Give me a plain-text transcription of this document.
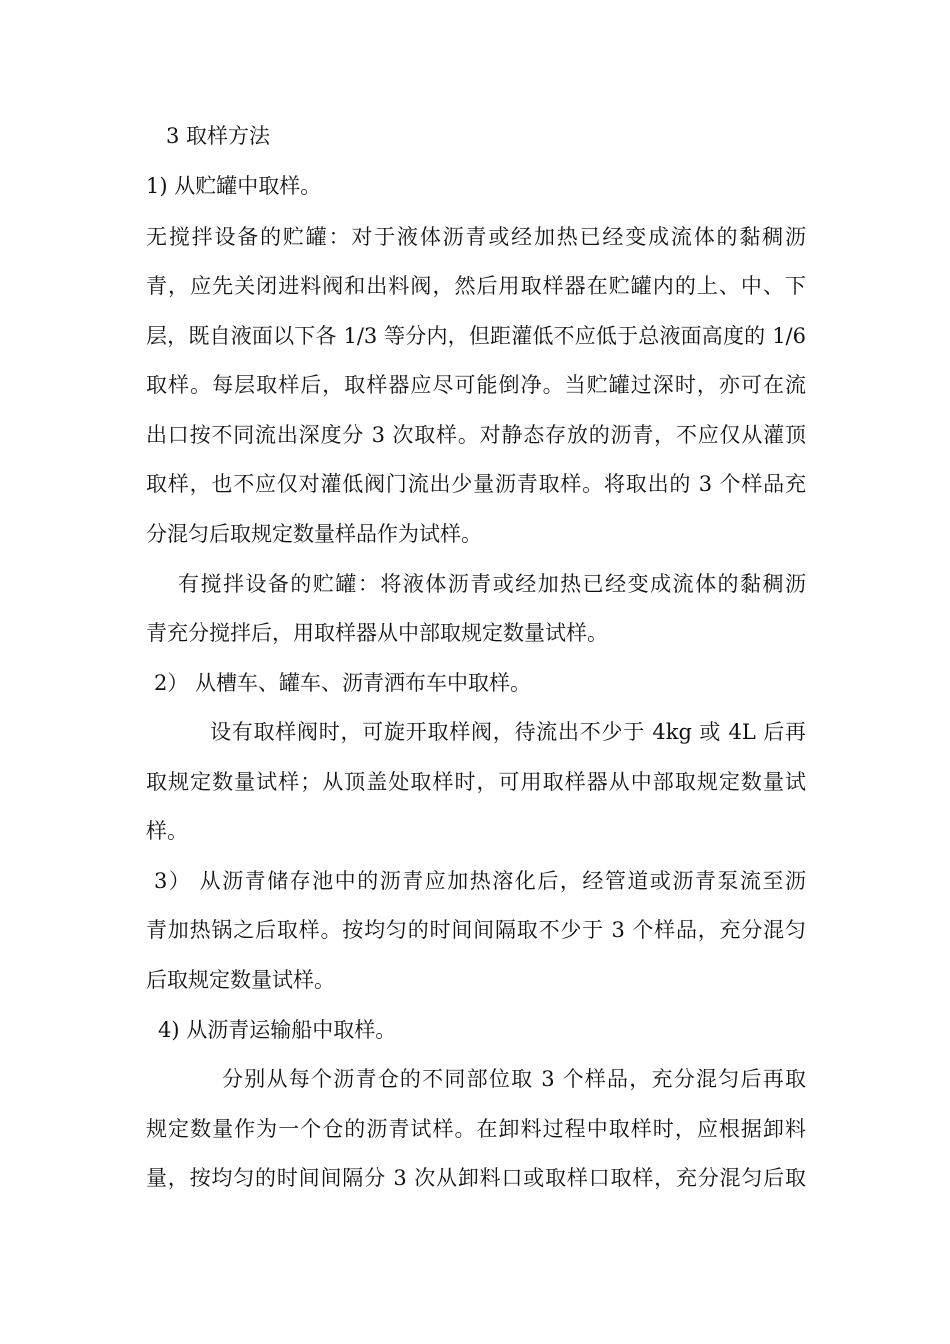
3 取样方法

1) 从贮罐中取样。

无搅拌设备的贮罐：对于液体沥青或经加热已经变成流体的黏稠沥

青，应先关闭进料阀和出料阀，然后用取样器在贮罐内的上、中、下

层，既自液面以下各 1/3 等分内，但距灌低不应低于总液面高度的 1/6

取样。每层取样后，取样器应尽可能倒净。当贮罐过深时，亦可在流

出口按不同流出深度分 3 次取样。对静态存放的沥青，不应仅从灌顶

取样，也不应仅对灌低阀门流出少量沥青取样。将取出的 3 个样品充

分混匀后取规定数量样品作为试样。

有搅拌设备的贮罐：将液体沥青或经加热已经变成流体的黏稠沥

青充分搅拌后，用取样器从中部取规定数量试样。

2） 从槽车、罐车、沥青洒布车中取样。

设有取样阀时，可旋开取样阀，待流出不少于 4kg 或 4L 后再

取规定数量试样；从顶盖处取样时，可用取样器从中部取规定数量试

样。

3） 从沥青储存池中的沥青应加热溶化后，经管道或沥青泵流至沥

青加热锅之后取样。按均匀的时间间隔取不少于 3 个样品，充分混匀

后取规定数量试样。

4) 从沥青运输船中取样。

分别从每个沥青仓的不同部位取 3 个样品，充分混匀后再取

规定数量作为一个仓的沥青试样。在卸料过程中取样时，应根据卸料

量，按均匀的时间间隔分 3 次从卸料口或取样口取样，充分混匀后取
